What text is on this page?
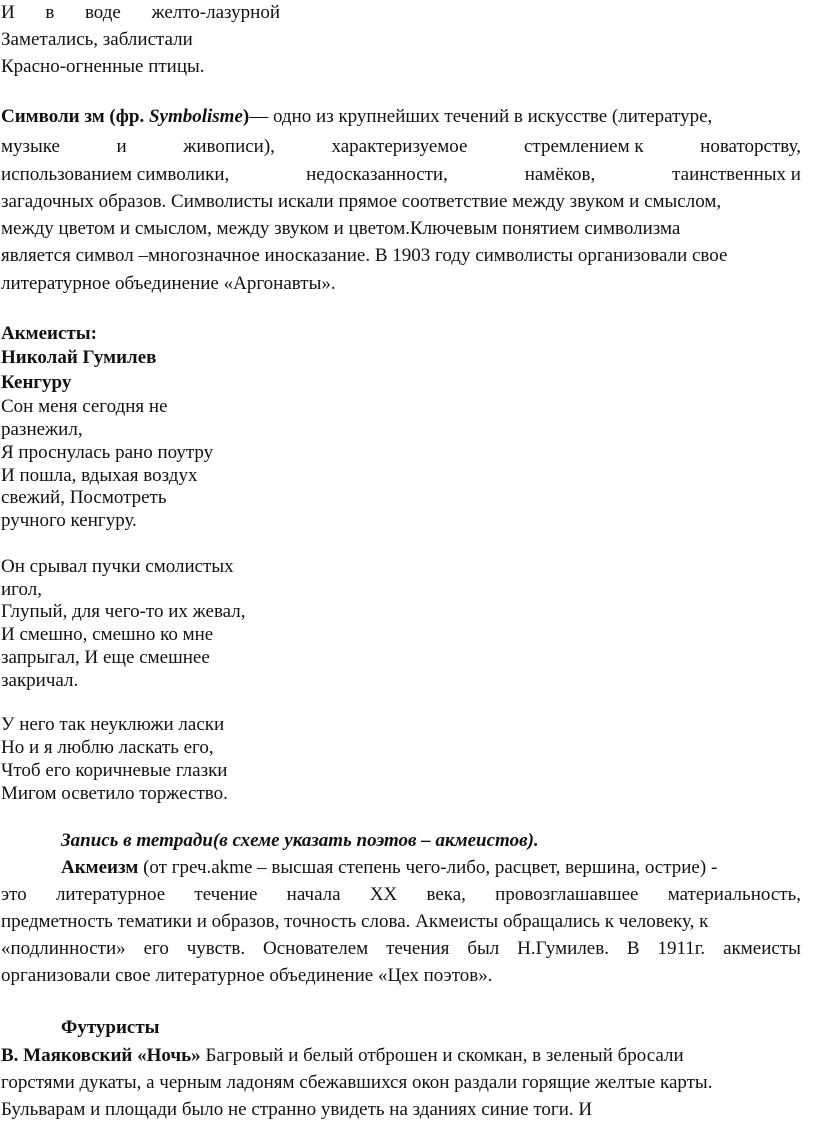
И в воде желто-лазурной
Заметались, заблистали
Красно-огненные птицы.
Символи зм (фр. Symbolisme)— одно из крупнейших течений в искусстве (литературе,
музыке	и	живописи),	характеризуемое	стремлением к	новаторству,
использованием символики,	недосказанности,	намёков,	таинственных и
загадочных образов. Символисты искали прямое соответствие между звуком и смыслом,
между цветом и смыслом, между звуком и цветом.Ключевым понятием символизма
является символ –многозначное иносказание. В 1903 году символисты организовали свое
литературное объединение «Аргонавты».
Акмеисты:
Николай Гумилев
Кенгуру
Сон меня сегодня не
разнежил,
Я проснулась рано поутру
И пошла, вдыхая воздух
свежий, Посмотреть
ручного кенгуру.
Он срывал пучки смолистых
игол,
Глупый, для чего-то их жевал,
И смешно, смешно ко мне
запрыгал, И еще смешнее
закричал.
У него так неуклюжи ласки
Но и я люблю ласкать его,
Чтоб его коричневые глазки
Мигом осветило торжество.
Запись в тетради(в схеме указать поэтов – акмеистов).
Акмеизм (от греч.akme – высшая степень чего-либо, расцвет, вершина, острие) -
это литературное течение начала XX века, провозглашавшее материальность,
предметность тематики и образов, точность слова. Акмеисты обращались к человеку, к
«подлинности» его чувств. Основателем течения был Н.Гумилев. В 1911г. акмеисты
организовали свое литературное объединение «Цех поэтов».
Футуристы
В. Маяковский «Ночь» Багровый и белый отброшен и скомкан, в зеленый бросали
горстями дукаты, а черным ладоням сбежавшихся окон раздали горящие желтые карты.
Бульварам и площади было не странно увидеть на зданиях синие тоги. И
